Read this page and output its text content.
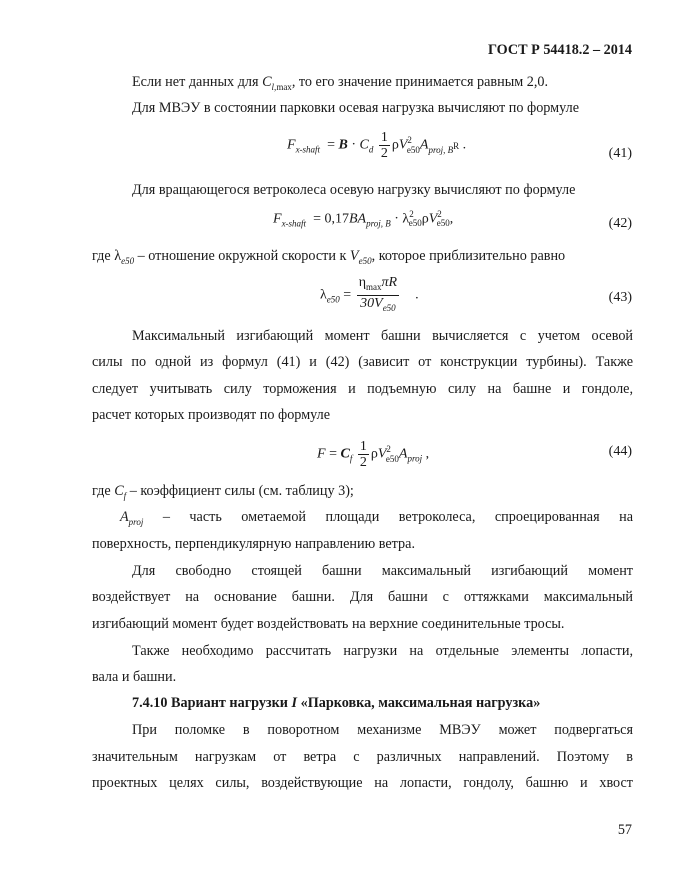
ГОСТ Р 54418.2 – 2014
Если нет данных для $C_{l,max}$, то его значение принимается равным 2,0.
Для МВЭУ в состоянии парковки осевая нагрузка вычисляют по формуле
$F_{x-shaft} = B \cdot C_d \frac{1}{2} \rho V^2_{e50}A_{proj, B^R}$ .
(41)
Для вращающегося ветроколеса осевую нагрузку вычисляют по формуле
$F_{x-shaft} = 0,17BA_{proj, B} \cdot \lambda^2_{e50}\rho V^2_{e50}$,	(42)
где $\lambda_{e50}$ – отношение окружной скорости к $V_{e50}$, которое приблизительно равно
$\lambda_{e50} = \frac{\eta_{max}\pi R}{30V_{e50}}$ .	(43)
Максимальный изгибающий момент башни вычисляется с учетом осевой
силы по одной из формул (41) и (42) (зависит от конструкции турбины). Также
следует учитывать силу торможения и подъемную силу на башне и гондоле,
расчет которых производят по формуле
$F = C_f \frac{1}{2} \rho V^2_{e50}A_{proj}$ ,	(44)
где $C_f$ – коэффициент силы (см. таблицу 3);
$A_{proj}$ – часть ометаемой площади ветроколеса, спроецированная на
поверхность, перпендикулярную направлению ветра.
Для свободно стоящей башни максимальный изгибающий момент
воздействует на основание башни. Для башни с оттяжками максимальный
изгибающий момент будет воздействовать на верхние соединительные тросы.
Также необходимо рассчитать нагрузки на отдельные элементы лопасти,
вала и башни.
7.4.10 Вариант нагрузки I «Парковка, максимальная нагрузка»
При поломке в поворотном механизме МВЭУ может подвергаться
значительным нагрузкам от ветра с различных направлений. Поэтому в
проектных целях силы, воздействующие на лопасти, гондолу, башню и хвост
57
